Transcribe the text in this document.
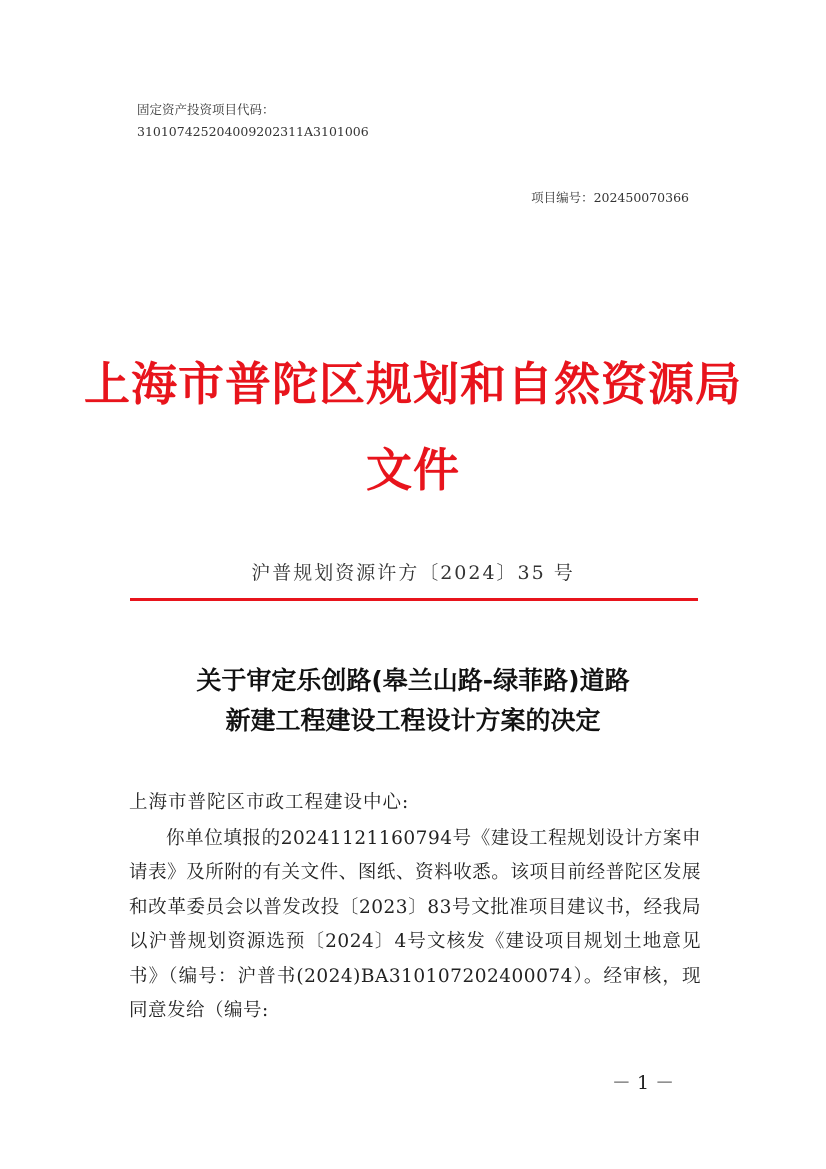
固定资产投资项目代码：
310107425204009202311A3101006
项目编号：202450070366
上海市普陀区规划和自然资源局
文件
沪普规划资源许方〔2024〕35 号
关于审定乐创路(皋兰山路-绿菲路)道路
新建工程建设工程设计方案的决定
上海市普陀区市政工程建设中心:

你单位填报的20241121160794号《建设工程规划设计方案申请表》及所附的有关文件、图纸、资料收悉。该项目前经普陀区发展和改革委员会以普发改投〔2023〕83号文批准项目建议书，经我局以沪普规划资源选预〔2024〕4号文核发《建设项目规划土地意见书》（编号：沪普书(2024)BA310107202400074）。经审核，现同意发给（编号:

－ 1 －
